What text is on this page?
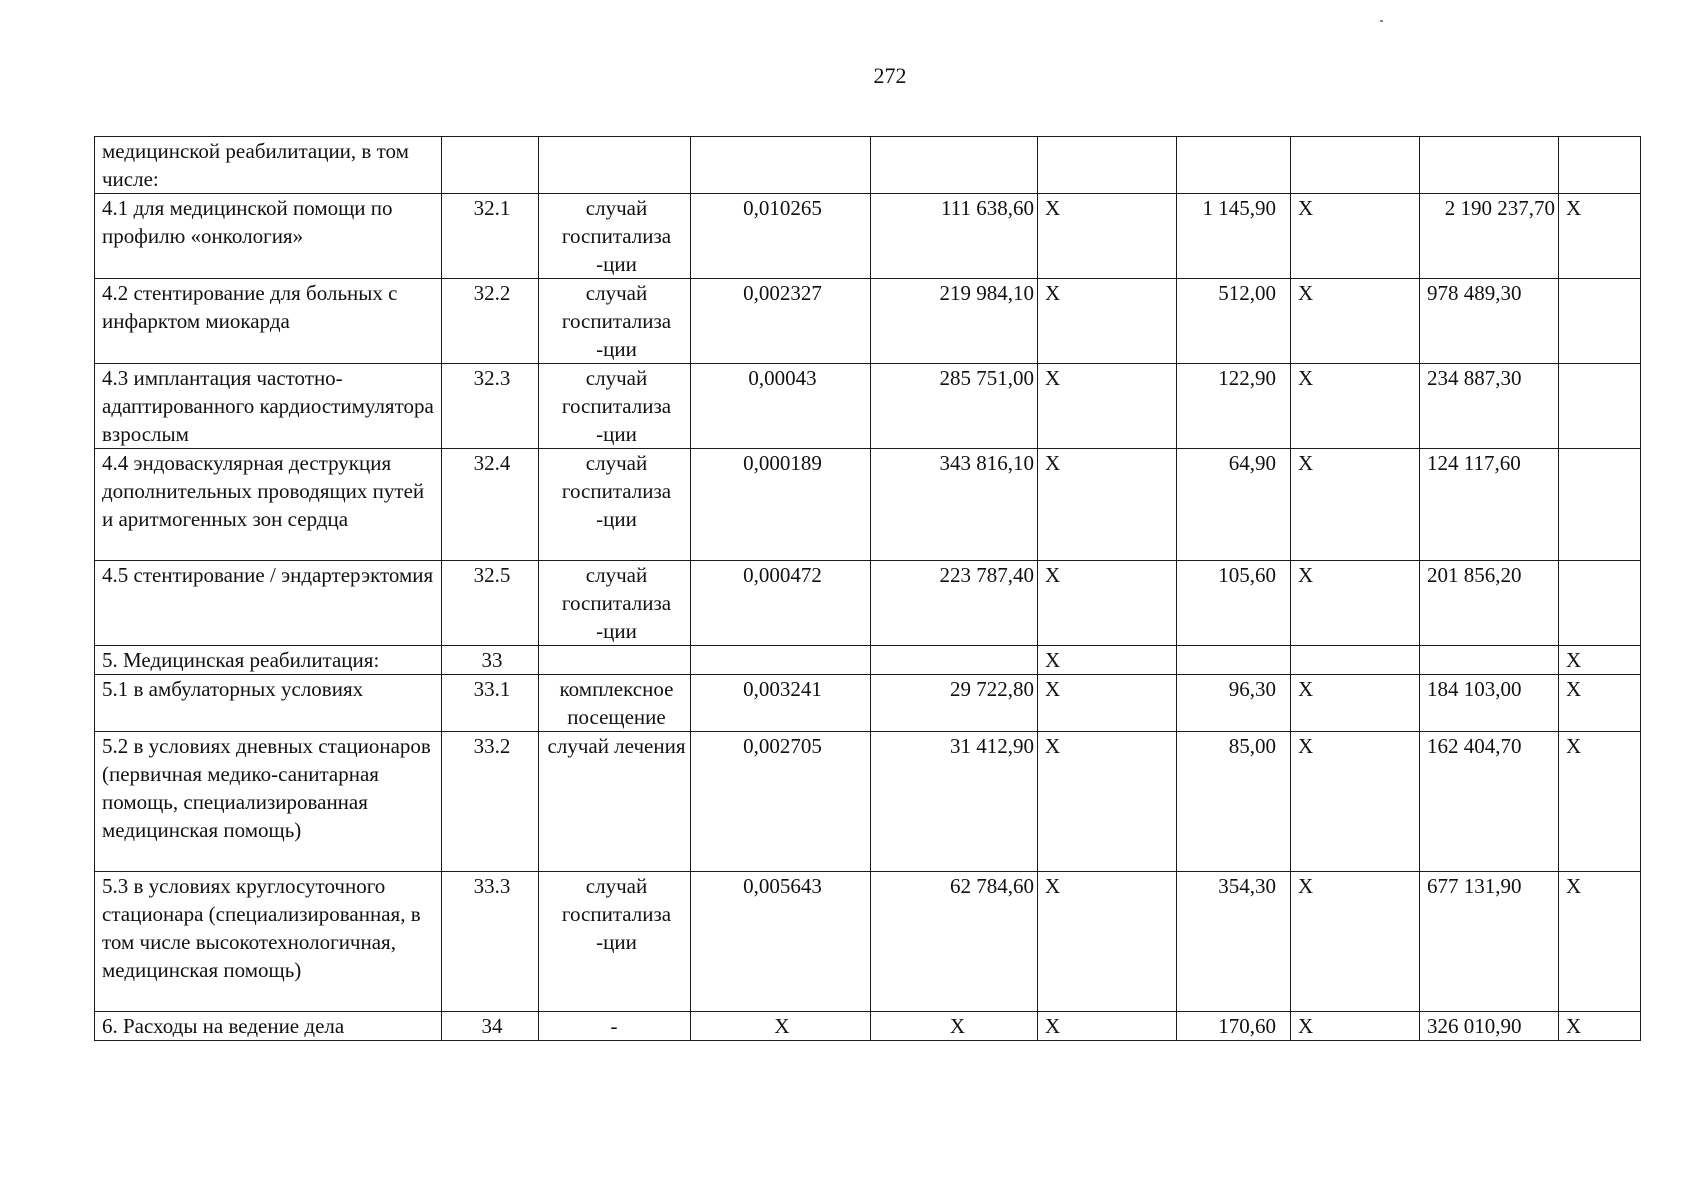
272
медицинской реабилитации, в том числе:									
4.1 для медицинской помощи по профилю «онкология»	32.1	случай госпитализа -ции	0,010265	111 638,60	X	1 145,90	X	2 190 237,70	X
4.2 стентирование для больных с инфарктом миокарда	32.2	случай госпитализа -ции	0,002327	219 984,10	X	512,00	X	978 489,30	
4.3 имплантация частотно-адаптированного кардиостимулятора взрослым	32.3	случай госпитализа -ции	0,00043	285 751,00	X	122,90	X	234 887,30	
4.4 эндоваскулярная деструкция дополнительных проводящих путей и аритмогенных зон сердца	32.4	случай госпитализа -ции	0,000189	343 816,10	X	64,90	X	124 117,60	
4.5 стентирование / эндартерэктомия	32.5	случай госпитализа -ции	0,000472	223 787,40	X	105,60	X	201 856,20	
5. Медицинская реабилитация:	33				X				X
5.1 в амбулаторных условиях	33.1	комплексное посещение	0,003241	29 722,80	X	96,30	X	184 103,00	X
5.2 в условиях дневных стационаров (первичная медико-санитарная помощь, специализированная медицинская помощь)	33.2	случай лечения	0,002705	31 412,90	X	85,00	X	162 404,70	X
5.3 в условиях круглосуточного стационара (специализированная, в том числе высокотехнологичная, медицинская помощь)	33.3	случай госпитализа -ции	0,005643	62 784,60	X	354,30	X	677 131,90	X
6. Расходы на ведение дела	34	-	X	X	X	170,60	X	326 010,90	X
